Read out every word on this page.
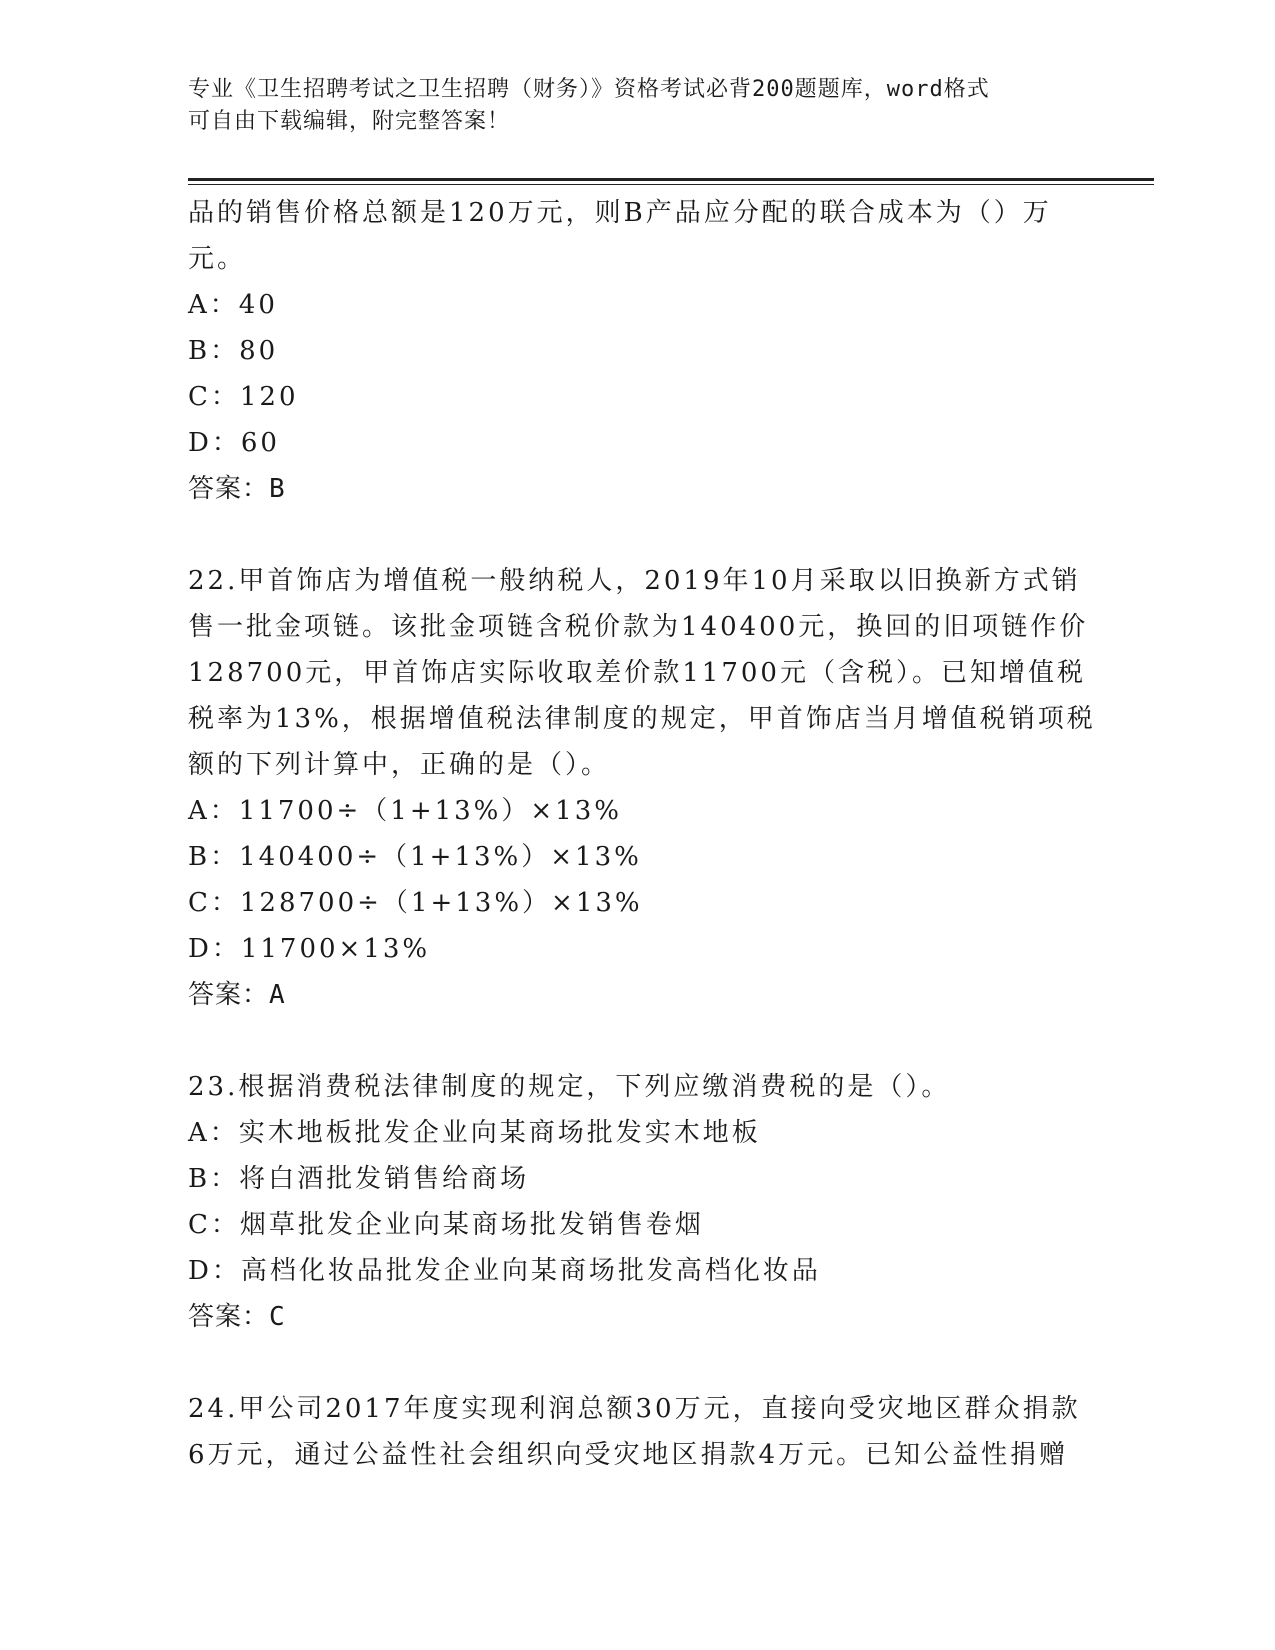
专业《卫生招聘考试之卫生招聘（财务）》资格考试必背200题题库，word格式
可自由下载编辑，附完整答案！
品的销售价格总额是120万元，则B产品应分配的联合成本为（）万
元。
A：40
B：80
C：120
D：60
答案：B
22.甲首饰店为增值税一般纳税人，2019年10月采取以旧换新方式销
售一批金项链。该批金项链含税价款为140400元，换回的旧项链作价
128700元，甲首饰店实际收取差价款11700元（含税）。已知增值税
税率为13%，根据增值税法律制度的规定，甲首饰店当月增值税销项税
额的下列计算中，正确的是（）。
A：11700÷（1+13%）×13%
B：140400÷（1+13%）×13%
C：128700÷（1+13%）×13%
D：11700×13%
答案：A
23.根据消费税法律制度的规定，下列应缴消费税的是（）。
A：实木地板批发企业向某商场批发实木地板
B：将白酒批发销售给商场
C：烟草批发企业向某商场批发销售卷烟
D：高档化妆品批发企业向某商场批发高档化妆品
答案：C
24.甲公司2017年度实现利润总额30万元，直接向受灾地区群众捐款
6万元，通过公益性社会组织向受灾地区捐款4万元。已知公益性捐赠
